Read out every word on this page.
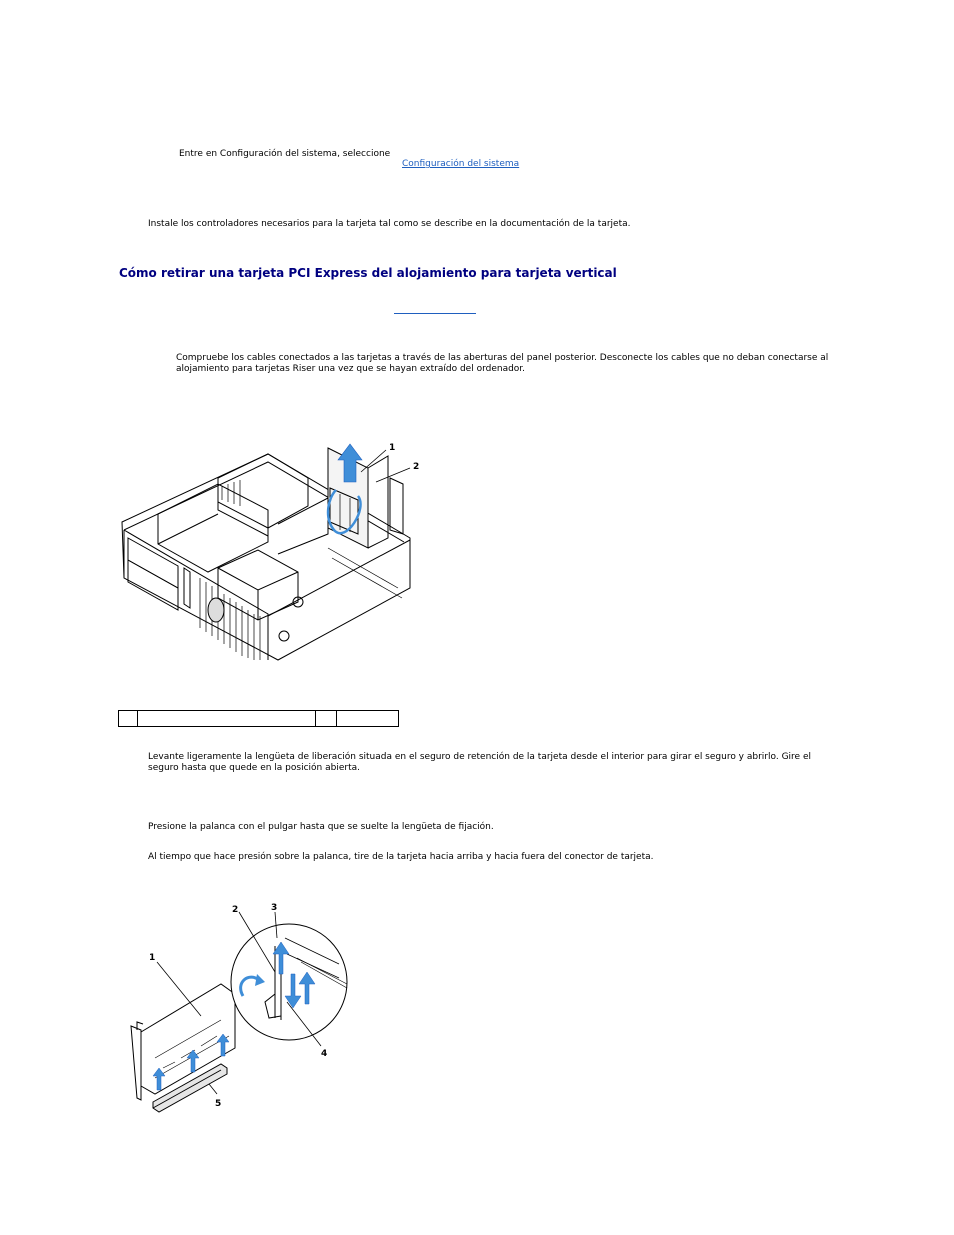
Entre en Configuración del sistema, seleccione
Configuración del sistema
Instale los controladores necesarios para la tarjeta tal como se describe en la documentación de la tarjeta.
Cómo retirar una tarjeta PCI Express del alojamiento para tarjeta vertical
Compruebe los cables conectados a las tarjetas a través de las aberturas del panel posterior. Desconecte los cables que no deban conectarse al alojamiento para tarjetas Riser una vez que se hayan extraído del ordenador.
1
2

Levante ligeramente la lengüeta de liberación situada en el seguro de retención de la tarjeta desde el interior para girar el seguro y abrirlo. Gire el seguro hasta que quede en la posición abierta.
Presione la palanca con el pulgar hasta que se suelte la lengüeta de fijación.
Al tiempo que hace presión sobre la palanca, tire de la tarjeta hacia arriba y hacia fuera del conector de tarjeta.
1
2	3
4
5
